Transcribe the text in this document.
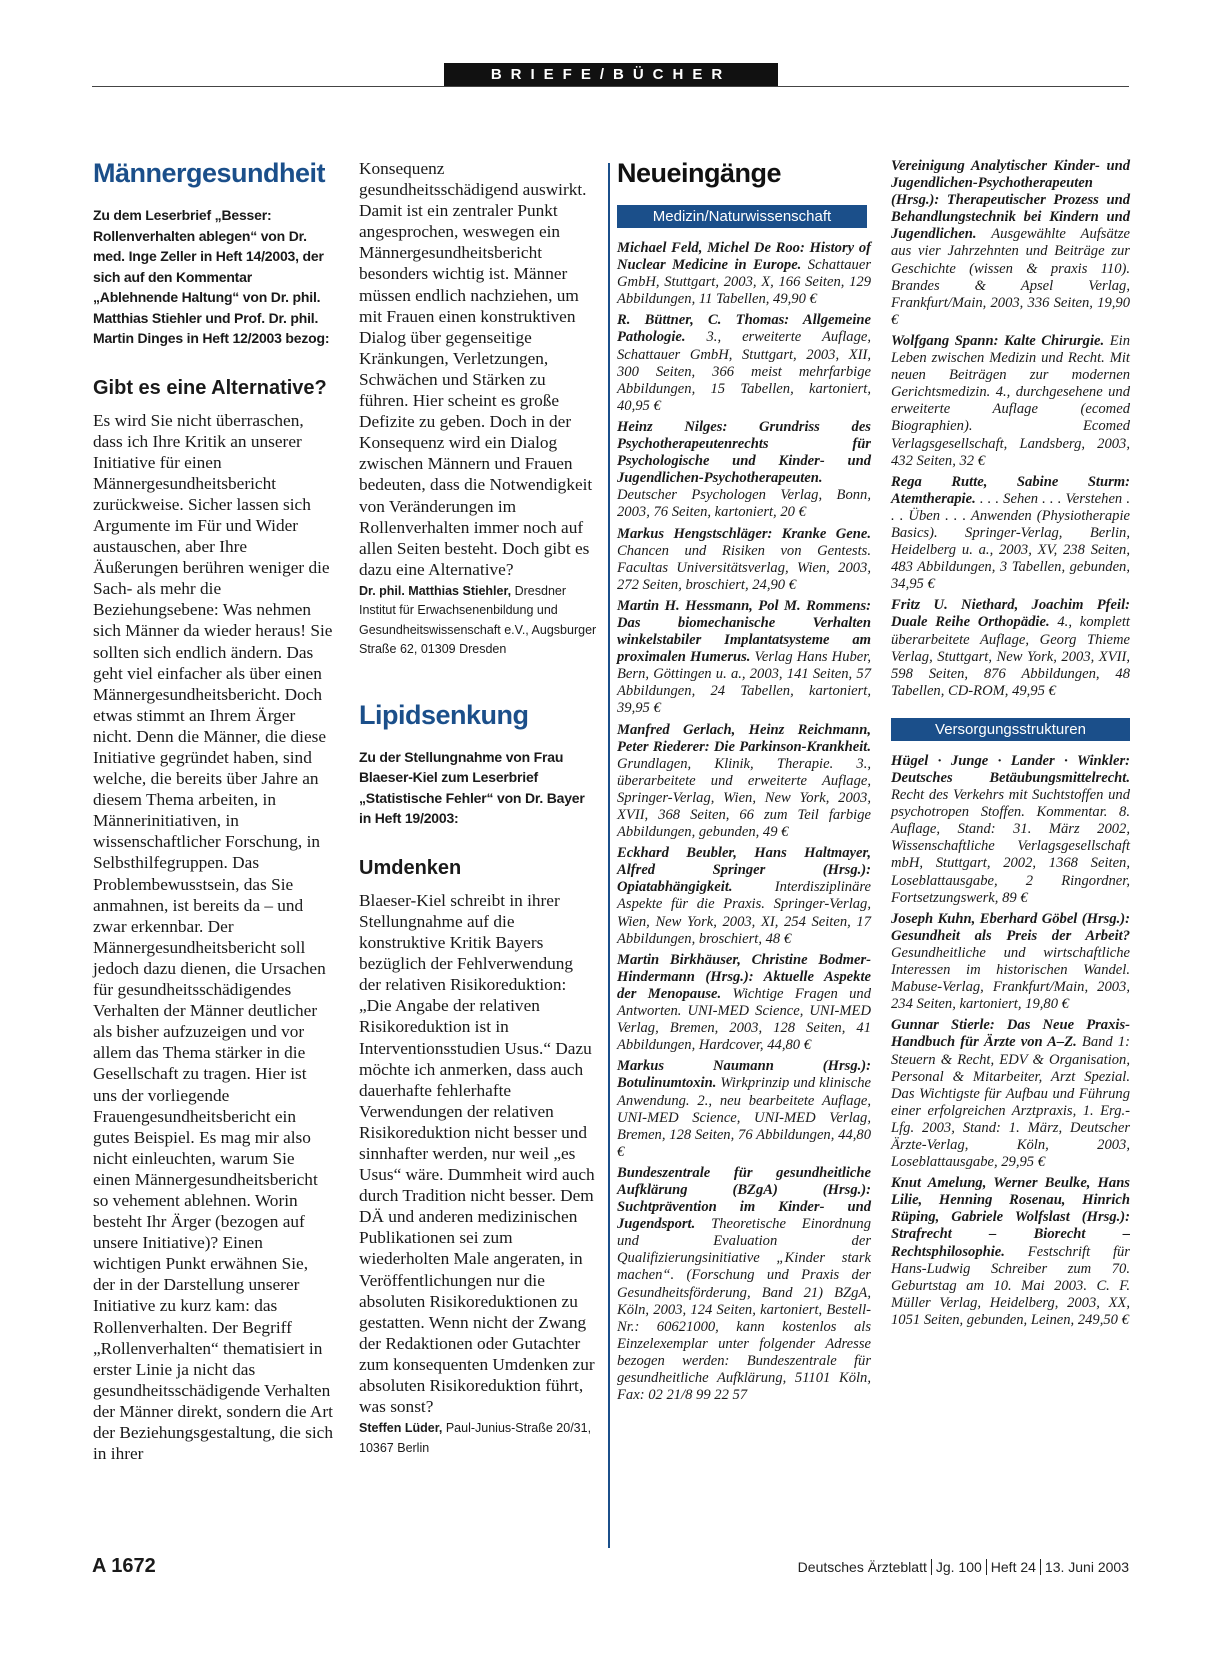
BRIEFE/BÜCHER
Männergesundheit

Zu dem Leserbrief „Besser: Rollenverhalten ablegen“ von Dr. med. Inge Zeller in Heft 14/2003, der sich auf den Kommentar „Ablehnende Haltung“ von Dr. phil. Matthias Stiehler und Prof. Dr. phil. Martin Dinges in Heft 12/2003 bezog:

Gibt es eine Alternative?
Es wird Sie nicht überraschen, dass ich Ihre Kritik an unserer Initiative für einen Männergesundheitsbericht zurückweise. Sicher lassen sich Argumente im Für und Wider austauschen, aber Ihre Äußerungen berühren weniger die Sach- als mehr die Beziehungsebene: Was nehmen sich Männer da wieder heraus! Sie sollten sich endlich ändern. Das geht viel einfacher als über einen Männergesundheitsbericht. Doch etwas stimmt an Ihrem Ärger nicht. Denn die Männer, die diese Initiative gegründet haben, sind welche, die bereits über Jahre an diesem Thema arbeiten, in Männerinitiativen, in wissenschaftlicher Forschung, in Selbsthilfegruppen. Das Problembewusstsein, das Sie anmahnen, ist bereits da – und zwar erkennbar. Der Männergesundheitsbericht soll jedoch dazu dienen, die Ursachen für gesundheitsschädigendes Verhalten der Männer deutlicher als bisher aufzuzeigen und vor allem das Thema stärker in die Gesellschaft zu tragen. Hier ist uns der vorliegende Frauengesundheitsbericht ein gutes Beispiel. Es mag mir also nicht einleuchten, warum Sie einen Männergesundheitsbericht so vehement ablehnen. Worin besteht Ihr Ärger (bezogen auf unsere Initiative)? Einen wichtigen Punkt erwähnen Sie, der in der Darstellung unserer Initiative zu kurz kam: das Rollenverhalten. Der Begriff „Rollenverhalten“ thematisiert in erster Linie ja nicht das gesundheitsschädigende Verhalten der Männer direkt, sondern die Art der Beziehungsgestaltung, die sich in ihrer
Konsequenz gesundheitsschädigend auswirkt. Damit ist ein zentraler Punkt angesprochen, weswegen ein Männergesundheitsbericht besonders wichtig ist. Männer müssen endlich nachziehen, um mit Frauen einen konstruktiven Dialog über gegenseitige Kränkungen, Verletzungen, Schwächen und Stärken zu führen. Hier scheint es große Defizite zu geben. Doch in der Konsequenz wird ein Dialog zwischen Männern und Frauen bedeuten, dass die Notwendigkeit von Veränderungen im Rollenverhalten immer noch auf allen Seiten besteht. Doch gibt es dazu eine Alternative?
Dr. phil. Matthias Stiehler, Dresdner Institut für Erwachsenenbildung und Gesundheitswissenschaft e.V., Augsburger Straße 62, 01309 Dresden
Lipidsenkung

Zu der Stellungnahme von Frau Blaeser-Kiel zum Leserbrief „Statistische Fehler“ von Dr. Bayer in Heft 19/2003:

Umdenken
Blaeser-Kiel schreibt in ihrer Stellungnahme auf die konstruktive Kritik Bayers bezüglich der Fehlverwendung der relativen Risikoreduktion: „Die Angabe der relativen Risikoreduktion ist in Interventionsstudien Usus.“ Dazu möchte ich anmerken, dass auch dauerhafte fehlerhafte Verwendungen der relativen Risikoreduktion nicht besser und sinnhafter werden, nur weil „es Usus“ wäre. Dummheit wird auch durch Tradition nicht besser. Dem DÄ und anderen medizinischen Publikationen sei zum wiederholten Male angeraten, in Veröffentlichungen nur die absoluten Risikoreduktionen zu gestatten. Wenn nicht der Zwang der Redaktionen oder Gutachter zum konsequenten Umdenken zur absoluten Risikoreduktion führt, was sonst?
Steffen Lüder, Paul-Junius-Straße 20/31, 10367 Berlin
Neueingänge
Medizin/Naturwissenschaft

Michael Feld, Michel De Roo: History of Nuclear Medicine in Europe. Schattauer GmbH, Stuttgart, 2003, X, 166 Seiten, 129 Abbildungen, 11 Tabellen, 49,90 €

R. Büttner, C. Thomas: Allgemeine Pathologie. 3., erweiterte Auflage, Schattauer GmbH, Stuttgart, 2003, XII, 300 Seiten, 366 meist mehrfarbige Abbildungen, 15 Tabellen, kartoniert, 40,95 €

Heinz Nilges: Grundriss des Psychotherapeutenrechts für Psychologische und Kinder- und Jugendlichen-Psychotherapeuten. Deutscher Psychologen Verlag, Bonn, 2003, 76 Seiten, kartoniert, 20 €

Markus Hengstschläger: Kranke Gene. Chancen und Risiken von Gentests. Facultas Universitätsverlag, Wien, 2003, 272 Seiten, broschiert, 24,90 €

Martin H. Hessmann, Pol M. Rommens: Das biomechanische Verhalten winkelstabiler Implantatsysteme am proximalen Humerus. Verlag Hans Huber, Bern, Göttingen u. a., 2003, 141 Seiten, 57 Abbildungen, 24 Tabellen, kartoniert, 39,95 €

Manfred Gerlach, Heinz Reichmann, Peter Riederer: Die Parkinson-Krankheit. Grundlagen, Klinik, Therapie. 3., überarbeitete und erweiterte Auflage, Springer-Verlag, Wien, New York, 2003, XVII, 368 Seiten, 66 zum Teil farbige Abbildungen, gebunden, 49 €

Eckhard Beubler, Hans Haltmayer, Alfred Springer (Hrsg.): Opiatabhängigkeit. Interdisziplinäre Aspekte für die Praxis. Springer-Verlag, Wien, New York, 2003, XI, 254 Seiten, 17 Abbildungen, broschiert, 48 €

Martin Birkhäuser, Christine Bodmer-Hindermann (Hrsg.): Aktuelle Aspekte der Menopause. Wichtige Fragen und Antworten. UNI-MED Science, UNI-MED Verlag, Bremen, 2003, 128 Seiten, 41 Abbildungen, Hardcover, 44,80 €

Markus Naumann (Hrsg.): Botulinumtoxin. Wirkprinzip und klinische Anwendung. 2., neu bearbeitete Auflage, UNI-MED Science, UNI-MED Verlag, Bremen, 128 Seiten, 76 Abbildungen, 44,80 €

Bundeszentrale für gesundheitliche Aufklärung (BZgA) (Hrsg.): Suchtprävention im Kinder- und Jugendsport. Theoretische Einordnung und Evaluation der Qualifizierungsinitiative „Kinder stark machen“. (Forschung und Praxis der Gesundheitsförderung, Band 21) BZgA, Köln, 2003, 124 Seiten, kartoniert, Bestell-Nr.: 60621000, kann kostenlos als Einzelexemplar unter folgender Adresse bezogen werden: Bundeszentrale für gesundheitliche Aufklärung, 51101 Köln, Fax: 02 21/8 99 22 57

Vereinigung Analytischer Kinder- und Jugendlichen-Psychotherapeuten (Hrsg.): Therapeutischer Prozess und Behandlungstechnik bei Kindern und Jugendlichen. Ausgewählte Aufsätze aus vier Jahrzehnten und Beiträge zur Geschichte (wissen & praxis 110). Brandes & Apsel Verlag, Frankfurt/Main, 2003, 336 Seiten, 19,90 €

Wolfgang Spann: Kalte Chirurgie. Ein Leben zwischen Medizin und Recht. Mit neuen Beiträgen zur modernen Gerichtsmedizin. 4., durchgesehene und erweiterte Auflage (ecomed Biographien). Ecomed Verlagsgesellschaft, Landsberg, 2003, 432 Seiten, 32 €

Rega Rutte, Sabine Sturm: Atemtherapie. . . . Sehen . . . Verstehen . . . Üben . . . Anwenden (Physiotherapie Basics). Springer-Verlag, Berlin, Heidelberg u. a., 2003, XV, 238 Seiten, 483 Abbildungen, 3 Tabellen, gebunden, 34,95 €

Fritz U. Niethard, Joachim Pfeil: Duale Reihe Orthopädie. 4., komplett überarbeitete Auflage, Georg Thieme Verlag, Stuttgart, New York, 2003, XVII, 598 Seiten, 876 Abbildungen, 48 Tabellen, CD-ROM, 49,95 €

Versorgungsstrukturen

Hügel · Junge · Lander · Winkler: Deutsches Betäubungsmittelrecht. Recht des Verkehrs mit Suchtstoffen und psychotropen Stoffen. Kommentar. 8. Auflage, Stand: 31. März 2002, Wissenschaftliche Verlagsgesellschaft mbH, Stuttgart, 2002, 1368 Seiten, Loseblattausgabe, 2 Ringordner, Fortsetzungswerk, 89 €

Joseph Kuhn, Eberhard Göbel (Hrsg.): Gesundheit als Preis der Arbeit? Gesundheitliche und wirtschaftliche Interessen im historischen Wandel. Mabuse-Verlag, Frankfurt/Main, 2003, 234 Seiten, kartoniert, 19,80 €

Gunnar Stierle: Das Neue Praxis-Handbuch für Ärzte von A–Z. Band 1: Steuern & Recht, EDV & Organisation, Personal & Mitarbeiter, Arzt Spezial. Das Wichtigste für Aufbau und Führung einer erfolgreichen Arztpraxis, 1. Erg.-Lfg. 2003, Stand: 1. März, Deutscher Ärzte-Verlag, Köln, 2003, Loseblattausgabe, 29,95 €

Knut Amelung, Werner Beulke, Hans Lilie, Henning Rosenau, Hinrich Rüping, Gabriele Wolfslast (Hrsg.): Strafrecht – Biorecht – Rechtsphilosophie. Festschrift für Hans-Ludwig Schreiber zum 70. Geburtstag am 10. Mai 2003. C. F. Müller Verlag, Heidelberg, 2003, XX, 1051 Seiten, gebunden, Leinen, 249,50 €

A 1672	Deutsches Ärzteblatt Jg. 100 Heft 24 13. Juni 2003
